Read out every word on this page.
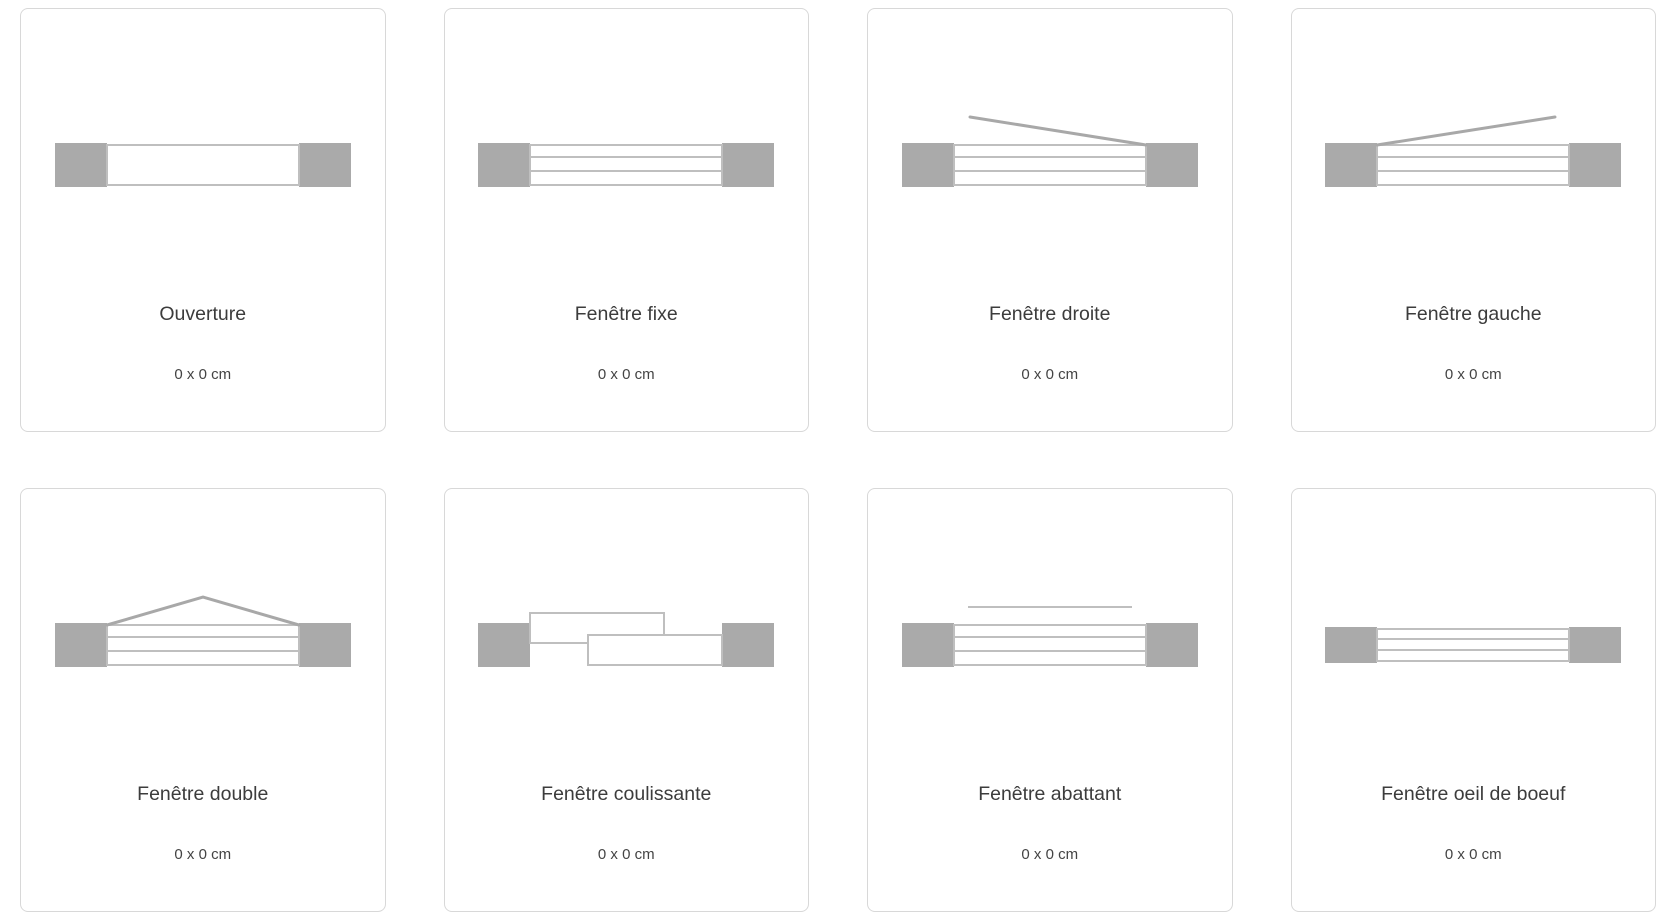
Ouverture
0 x 0 cm
Fenêtre fixe
0 x 0 cm
Fenêtre droite
0 x 0 cm
Fenêtre gauche
0 x 0 cm
Fenêtre double
0 x 0 cm
Fenêtre coulissante
0 x 0 cm
Fenêtre abattant
0 x 0 cm
Fenêtre oeil de boeuf
0 x 0 cm
